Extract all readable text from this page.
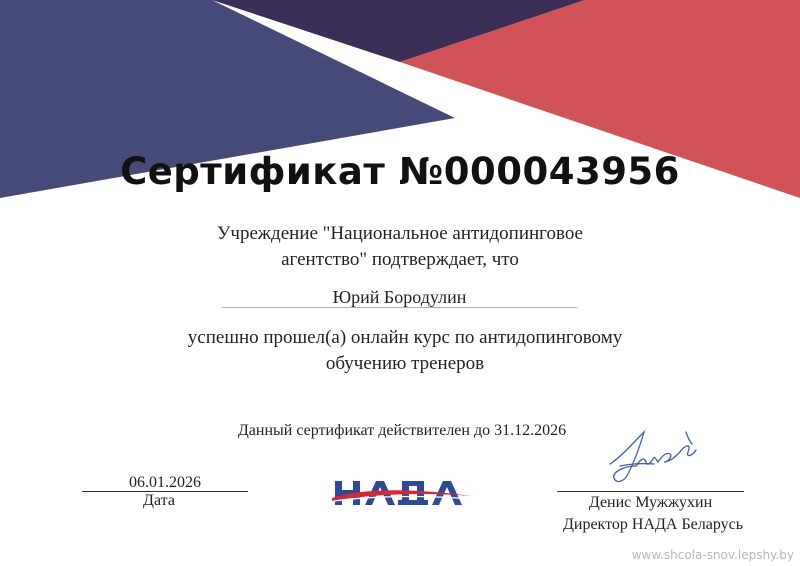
Сертификат №000043956
Учреждение "Национальное антидопинговое
агентство" подтверждает, что
Юрий Бородулин
успешно прошел(а) онлайн курс по антидопинговому
обучению тренеров
Данный сертификат действителен до 31.12.2026
06.01.2026
Дата	Денис Мужжухин
Директор НАДА Беларусь
www.shcola-snov.lepshy.by
